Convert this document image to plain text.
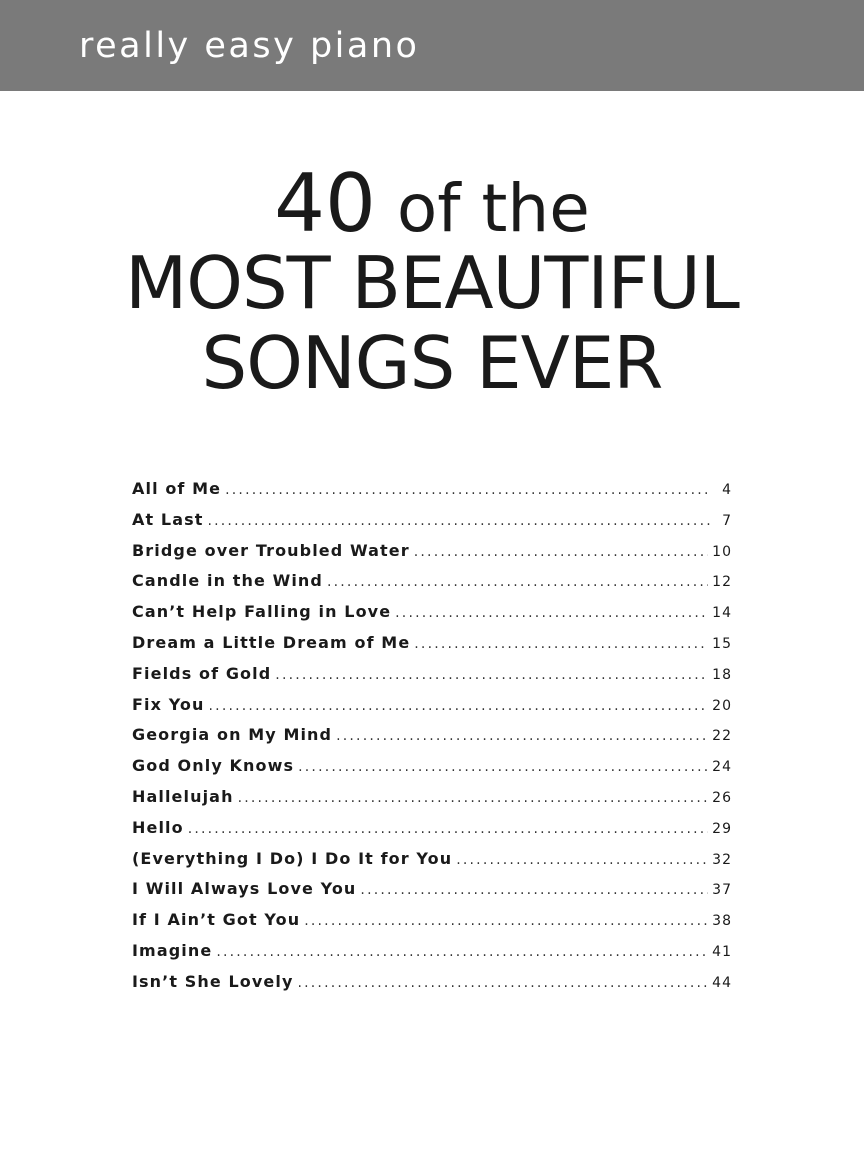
really easy piano
40 of the
MOST BEAUTIFUL
SONGS EVER
All of Me .....	4
At Last .....	7
Bridge over Troubled Water .....	10
Candle in the Wind .....	12
Can’t Help Falling in Love .....	14
Dream a Little Dream of Me .....	15
Fields of Gold .....	18
Fix You .....	20
Georgia on My Mind .....	22
God Only Knows .....	24
Hallelujah .....	26
Hello .....	29
(Everything I Do) I Do It for You .....	32
I Will Always Love You .....	37
If I Ain’t Got You .....	38
Imagine .....	41
Isn’t She Lovely .....	44
